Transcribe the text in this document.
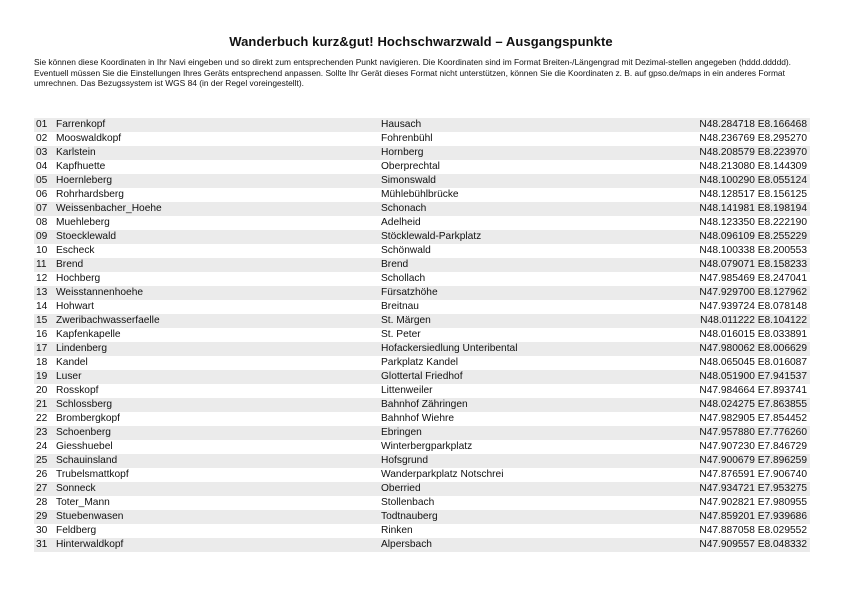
Wanderbuch kurz&gut! Hochschwarzwald – Ausgangspunkte

Sie können diese Koordinaten in Ihr Navi eingeben und so direkt zum entsprechenden Punkt navigieren. Die Koordinaten sind im Format Breiten-/Längengrad mit Dezimal-stellen angegeben (hddd.ddddd).

Eventuell müssen Sie die Einstellungen Ihres Geräts entsprechend anpassen. Sollte Ihr Gerät dieses Format nicht unterstützen, können Sie die Koordinaten z. B. auf gpso.de/maps in ein anderes Format umrechnen. Das Bezugssystem ist WGS 84 (in der Regel voreingestellt).

01 Farrenkopf	Hausach	N48.284718 E8.166468
02 Mooswaldkopf	Fohrenbühl	N48.236769 E8.295270
03 Karlstein	Hornberg	N48.208579 E8.223970
04 Kapfhuette	Oberprechtal	N48.213080 E8.144309
05 Hoernleberg	Simonswald	N48.100290 E8.055124
06 Rohrhardsberg	Mühlebühlbrücke	N48.128517 E8.156125
07 Weissenbacher_Hoehe	Schonach	N48.141981 E8.198194
08 Muehleberg	Adelheid	N48.123350 E8.222190
09 Stoecklewald	Stöcklewald-Parkplatz	N48.096109 E8.255229
10 Escheck	Schönwald	N48.100338 E8.200553
11 Brend	Brend	N48.079071 E8.158233
12 Hochberg	Schollach	N47.985469 E8.247041
13 Weisstannenhoehe	Fürsatzhöhe	N47.929700 E8.127962
14 Hohwart	Breitnau	N47.939724 E8.078148
15 Zweribachwasserfaelle	St. Märgen	N48.011222 E8.104122
16 Kapfenkapelle	St. Peter	N48.016015 E8.033891
17 Lindenberg	Hofackersiedlung Unteribental	N47.980062 E8.006629
18 Kandel	Parkplatz Kandel	N48.065045 E8.016087
19 Luser	Glottertal Friedhof	N48.051900 E7.941537
20 Rosskopf	Littenweiler	N47.984664 E7.893741
21 Schlossberg	Bahnhof Zähringen	N48.024275 E7.863855
22 Brombergkopf	Bahnhof Wiehre	N47.982905 E7.854452
23 Schoenberg	Ebringen	N47.957880 E7.776260
24 Giesshuebel	Winterbergparkplatz	N47.907230 E7.846729
25 Schauinsland	Hofsgrund	N47.900679 E7.896259
26 Trubelsmattkopf	Wanderparkplatz Notschrei	N47.876591 E7.906740
27 Sonneck	Oberried	N47.934721 E7.953275
28 Toter_Mann	Stollenbach	N47.902821 E7.980955
29 Stuebenwasen	Todtnauberg	N47.859201 E7.939686
30 Feldberg	Rinken	N47.887058 E8.029552
31 Hinterwaldkopf	Alpersbach	N47.909557 E8.048332
